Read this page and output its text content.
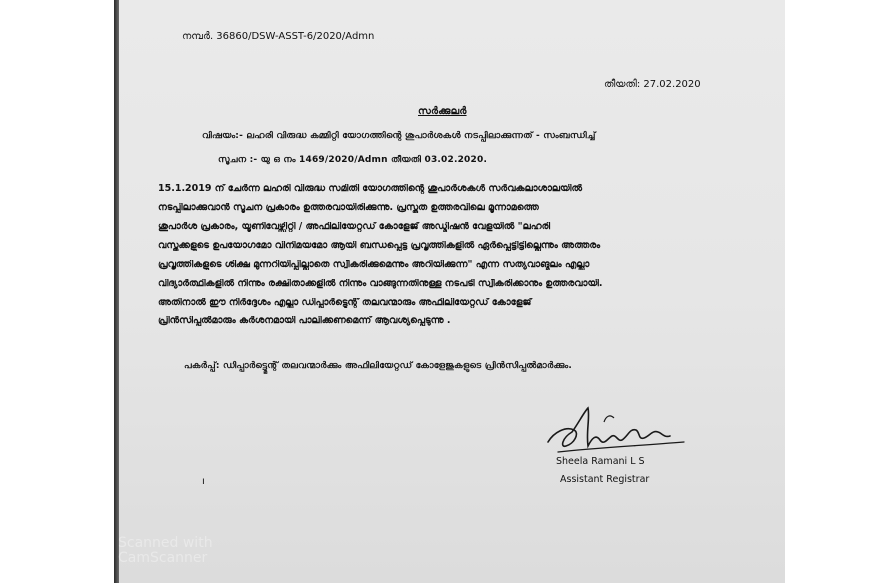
നമ്പർ. 36860/DSW-ASST-6/2020/Admn
തീയതി: 27.02.2020
സർക്കുലർ
വിഷയം:- ലഹരി വിരുദ്ധ കമ്മിറ്റി യോഗത്തിന്റെ ശുപാർശകൾ നടപ്പിലാക്കുന്നത് - സംബന്ധിച്ച്
സൂചന :- യു ഒ നം 1469/2020/Admn തീയതി 03.02.2020.
15.1.2019 ന് ചേർന്ന ലഹരി വിരുദ്ധ സമിതി യോഗത്തിന്റെ ശുപാർശകൾ സർവകലാശാലയിൽ
നടപ്പിലാക്കുവാൻ സൂചന പ്രകാരം ഉത്തരവായിരിക്കുന്നു. പ്രസ്തുത ഉത്തരവിലെ മൂന്നാമത്തെ
ശുപാർശ പ്രകാരം, യൂണിവേഴ്സിറ്റി / അഫിലിയേറ്റഡ് കോളേജ് അഡ്മിഷൻ വേളയിൽ "ലഹരി
വസ്തുക്കളുടെ ഉപയോഗമോ വിനിമയമോ ആയി ബന്ധപ്പെട്ട പ്രവൃത്തികളിൽ ഏർപ്പെട്ടിട്ടില്ലെന്നും അത്തരം
പ്രവൃത്തികളുടെ ശിക്ഷ മുന്നറിയിപ്പില്ലാതെ സ്വീകരിക്കുമെന്നും അറിയിക്കുന്ന" എന്ന സത്യവാങ്മൂലം എല്ലാ
വിദ്യാർത്ഥികളിൽ നിന്നും രക്ഷിതാക്കളിൽ നിന്നും വാങ്ങുന്നതിനുള്ള നടപടി സ്വീകരിക്കാനും ഉത്തരവായി.
അതിനാൽ ഈ നിർദ്ദേശം എല്ലാ ഡിപ്പാർട്ട്മെന്റ് തലവന്മാരും അഫിലിയേറ്റഡ് കോളേജ്
പ്രിൻസിപ്പൽമാരും കർശനമായി പാലിക്കണമെന്ന് ആവശ്യപ്പെടുന്നു .
പകർപ്പ്: ഡിപ്പാർട്ട്മെന്റ് തലവന്മാർക്കും അഫിലിയേറ്റഡ് കോളേജുകളുടെ പ്രിൻസിപ്പൽമാർക്കും.
Sheela Ramani L S
Assistant Registrar
ı
Scanned with
CamScanner
